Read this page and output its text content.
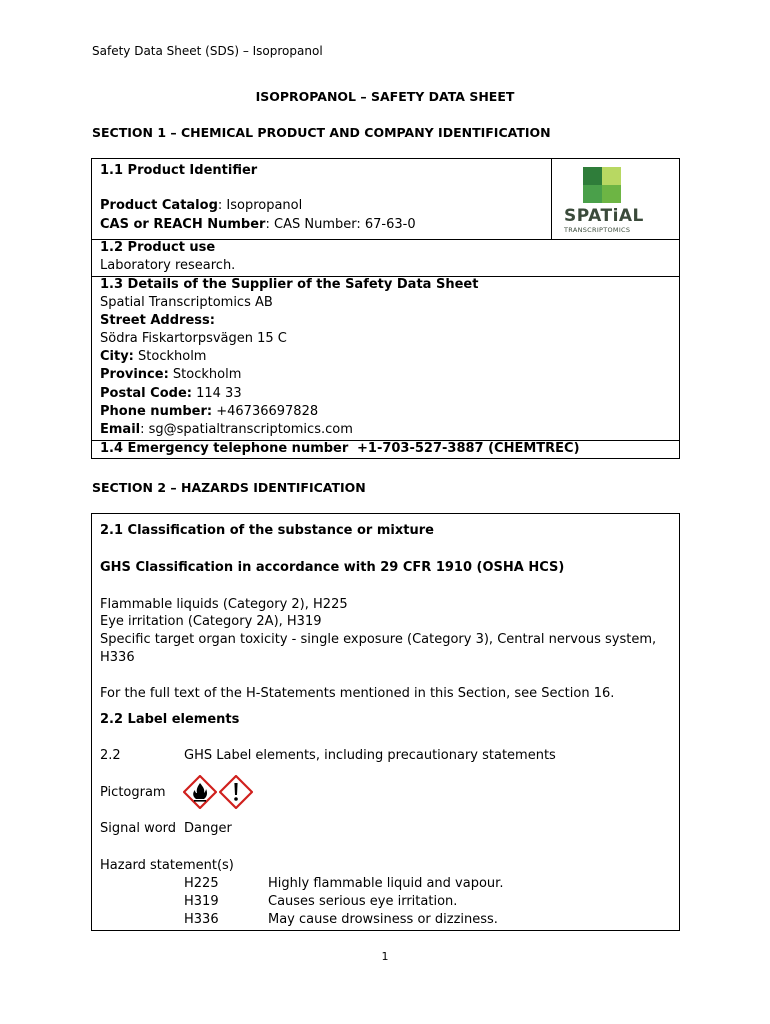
Safety Data Sheet (SDS) – Isopropanol
ISOPROPANOL – SAFETY DATA SHEET
SECTION 1 – CHEMICAL PRODUCT AND COMPANY IDENTIFICATION
1.1 Product Identifier
Product Catalog: Isopropanol
CAS or REACH Number: CAS Number: 67-63-0	SPATiAL
TRANSCRIPTOMICS
1.2 Product use
Laboratory research.
1.3 Details of the Supplier of the Safety Data Sheet
Spatial Transcriptomics AB
Street Address:
Södra Fiskartorpsvägen 15 C
City: Stockholm
Province: Stockholm
Postal Code: 114 33
Phone number: +46736697828
Email: sg@spatialtranscriptomics.com
1.4 Emergency telephone number +1-703-527-3887 (CHEMTREC)
SECTION 2 – HAZARDS IDENTIFICATION
2.1 Classification of the substance or mixture
GHS Classification in accordance with 29 CFR 1910 (OSHA HCS)
Flammable liquids (Category 2), H225
Eye irritation (Category 2A), H319
Specific target organ toxicity - single exposure (Category 3), Central nervous system,
H336
For the full text of the H-Statements mentioned in this Section, see Section 16.
2.2 Label elements
2.2	GHS Label elements, including precautionary statements
Pictogram
Signal word Danger
Hazard statement(s)
H225	Highly flammable liquid and vapour.
H319	Causes serious eye irritation.
H336	May cause drowsiness or dizziness.
1
